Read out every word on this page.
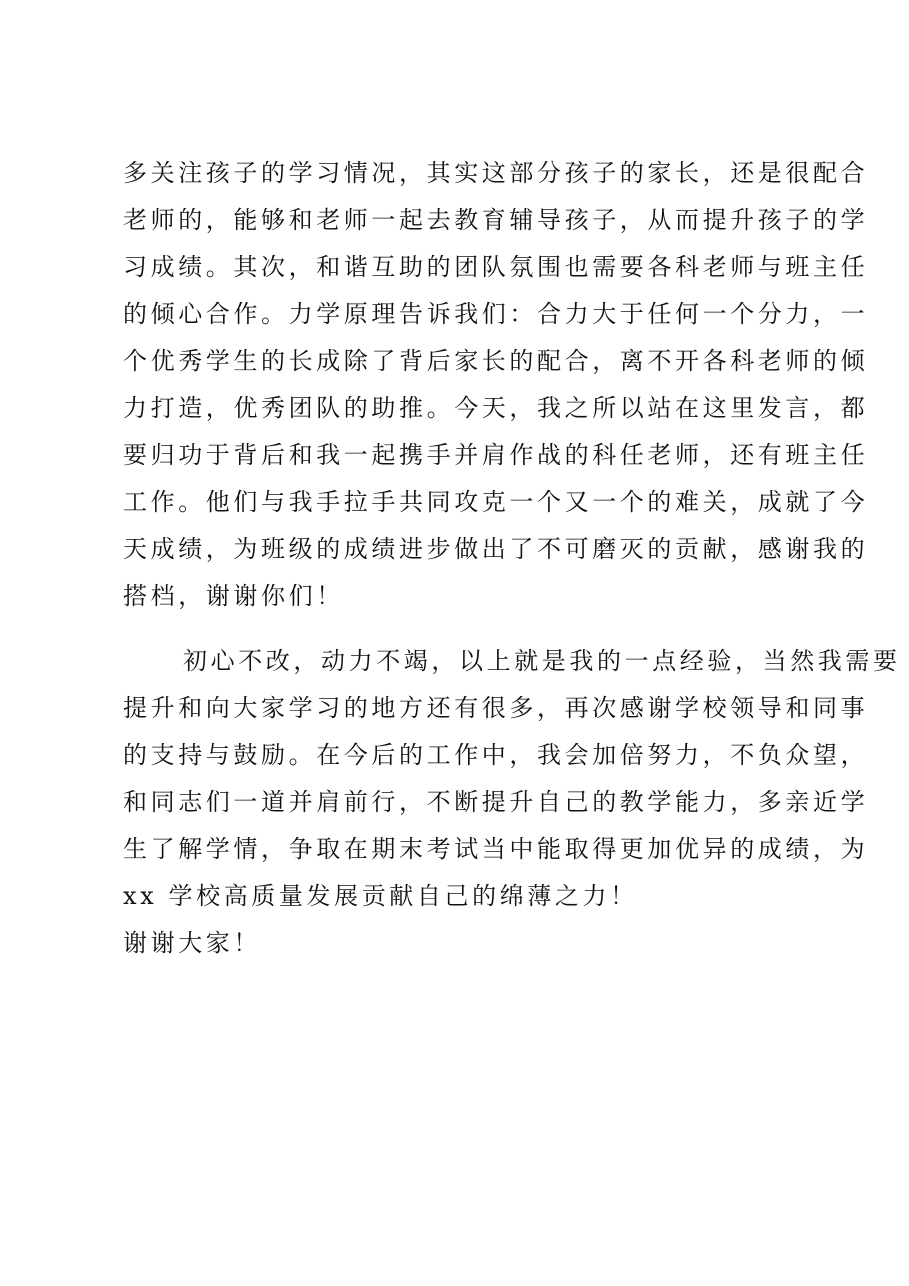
多关注孩子的学习情况，其实这部分孩子的家长，还是很配合
老师的，能够和老师一起去教育辅导孩子，从而提升孩子的学
习成绩。其次，和谐互助的团队氛围也需要各科老师与班主任
的倾心合作。力学原理告诉我们：合力大于任何一个分力，一
个优秀学生的长成除了背后家长的配合，离不开各科老师的倾
力打造，优秀团队的助推。今天，我之所以站在这里发言，都
要归功于背后和我一起携手并肩作战的科任老师，还有班主任
工作。他们与我手拉手共同攻克一个又一个的难关，成就了今
天成绩，为班级的成绩进步做出了不可磨灭的贡献，感谢我的
搭档，谢谢你们！
初心不改，动力不竭，以上就是我的一点经验，当然我需要
提升和向大家学习的地方还有很多，再次感谢学校领导和同事
的支持与鼓励。在今后的工作中，我会加倍努力，不负众望，
和同志们一道并肩前行，不断提升自己的教学能力，多亲近学
生了解学情，争取在期末考试当中能取得更加优异的成绩，为
xx 学校高质量发展贡献自己的绵薄之力！
谢谢大家！
